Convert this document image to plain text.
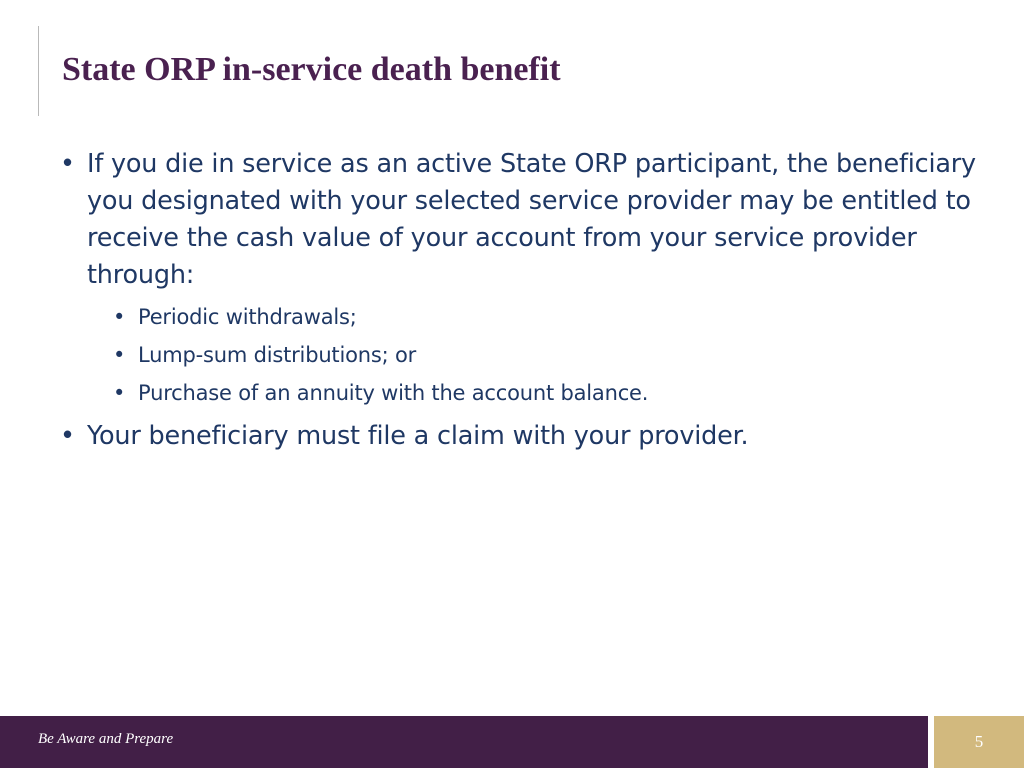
State ORP in-service death benefit
• If you die in service as an active State ORP participant, the beneficiary you designated with your selected service provider may be entitled to receive the cash value of your account from your service provider through:
• Periodic withdrawals;
• Lump-sum distributions; or
• Purchase of an annuity with the account balance.
• Your beneficiary must file a claim with your provider.
Be Aware and Prepare	5
